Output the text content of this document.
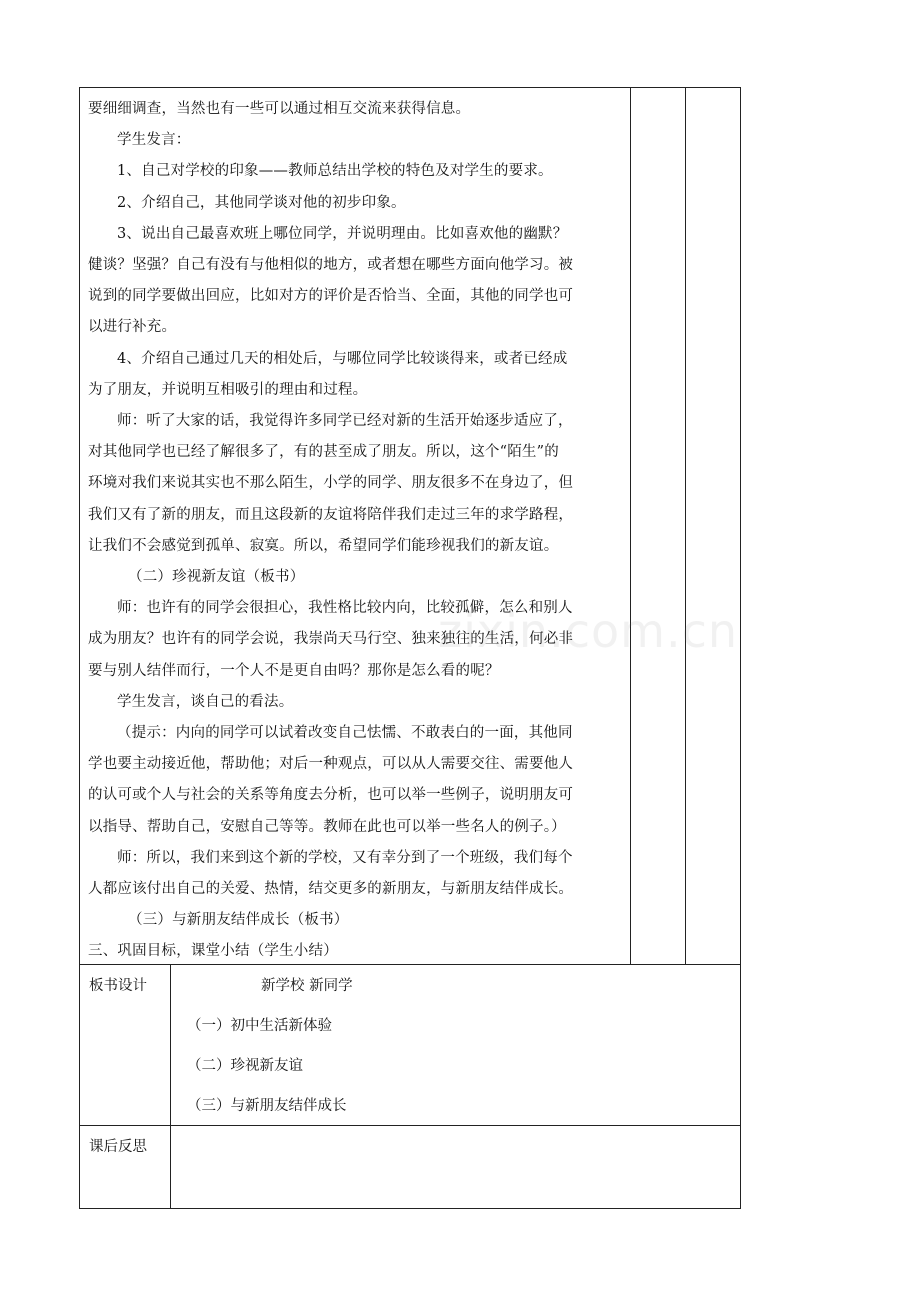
要细细调查，当然也有一些可以通过相互交流来获得信息。

学生发言：

1、自己对学校的印象——教师总结出学校的特色及对学生的要求。

2、介绍自己，其他同学谈对他的初步印象。

3、说出自己最喜欢班上哪位同学，并说明理由。比如喜欢他的幽默？

健谈？坚强？自己有没有与他相似的地方，或者想在哪些方面向他学习。被

说到的同学要做出回应，比如对方的评价是否恰当、全面，其他的同学也可

以进行补充。

4、介绍自己通过几天的相处后，与哪位同学比较谈得来，或者已经成

为了朋友，并说明互相吸引的理由和过程。

师：听了大家的话，我觉得许多同学已经对新的生活开始逐步适应了，

对其他同学也已经了解很多了，有的甚至成了朋友。所以，这个“陌生”的

环境对我们来说其实也不那么陌生，小学的同学、朋友很多不在身边了，但

我们又有了新的朋友，而且这段新的友谊将陪伴我们走过三年的求学路程，

让我们不会感觉到孤单、寂寞。所以，希望同学们能珍视我们的新友谊。

（二）珍视新友谊（板书）

师：也许有的同学会很担心，我性格比较内向，比较孤僻，怎么和别人

成为朋友？也许有的同学会说，我崇尚天马行空、独来独往的生活，何必非

要与别人结伴而行，一个人不是更自由吗？那你是怎么看的呢？

学生发言，谈自己的看法。

（提示：内向的同学可以试着改变自己怯懦、不敢表白的一面，其他同

学也要主动接近他，帮助他；对后一种观点，可以从人需要交往、需要他人

的认可或个人与社会的关系等角度去分析，也可以举一些例子，说明朋友可

以指导、帮助自己，安慰自己等等。教师在此也可以举一些名人的例子。）

师：所以，我们来到这个新的学校，又有幸分到了一个班级，我们每个

人都应该付出自己的关爱、热情，结交更多的新朋友，与新朋友结伴成长。

（三）与新朋友结伴成长（板书）

三、巩固目标，课堂小结（学生小结）

板书设计	新学校 新同学
（一）初中生活新体验
（二）珍视新友谊
（三）与新朋友结伴成长
课后反思
zixin.com.cn
